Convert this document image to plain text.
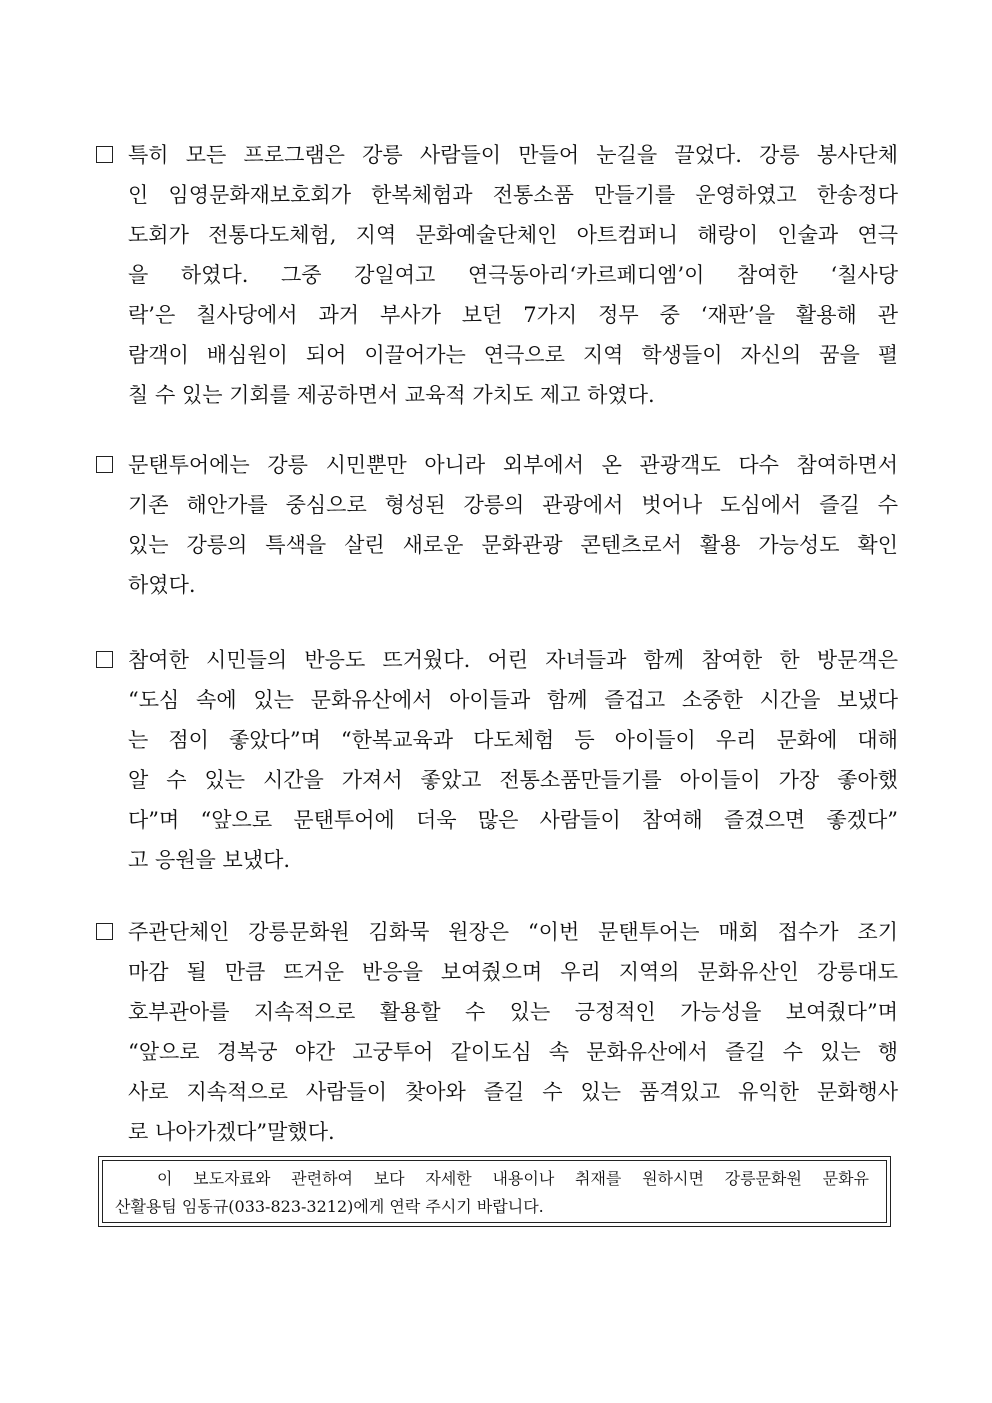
특히 모든 프로그램은 강릉 사람들이 만들어 눈길을 끌었다. 강릉 봉사단체
인 임영문화재보호회가 한복체험과 전통소품 만들기를 운영하였고 한송정다
도회가 전통다도체험, 지역 문화예술단체인 아트컴퍼니 해랑이 인술과 연극
을 하였다. 그중 강일여고 연극동아리‘카르페디엠’이 참여한 ‘칠사당
락’은 칠사당에서 과거 부사가 보던 7가지 정무 중 ‘재판’을 활용해 관
람객이 배심원이 되어 이끌어가는 연극으로 지역 학생들이 자신의 꿈을 펼
칠 수 있는 기회를 제공하면서 교육적 가치도 제고 하였다.
문탠투어에는 강릉 시민뿐만 아니라 외부에서 온 관광객도 다수 참여하면서
기존 해안가를 중심으로 형성된 강릉의 관광에서 벗어나 도심에서 즐길 수
있는 강릉의 특색을 살린 새로운 문화관광 콘텐츠로서 활용 가능성도 확인
하였다.
참여한 시민들의 반응도 뜨거웠다. 어린 자녀들과 함께 참여한 한 방문객은
“도심 속에 있는 문화유산에서 아이들과 함께 즐겁고 소중한 시간을 보냈다
는 점이 좋았다”며 “한복교육과 다도체험 등 아이들이 우리 문화에 대해
알 수 있는 시간을 가져서 좋았고 전통소품만들기를 아이들이 가장 좋아했
다”며 “앞으로 문탠투어에 더욱 많은 사람들이 참여해 즐겼으면 좋겠다”
고 응원을 보냈다.
주관단체인 강릉문화원 김화묵 원장은 “이번 문탠투어는 매회 접수가 조기
마감 될 만큼 뜨거운 반응을 보여줬으며 우리 지역의 문화유산인 강릉대도
호부관아를 지속적으로 활용할 수 있는 긍정적인 가능성을 보여줬다”며
“앞으로 경복궁 야간 고궁투어 같이도심 속 문화유산에서 즐길 수 있는 행
사로 지속적으로 사람들이 찾아와 즐길 수 있는 품격있고 유익한 문화행사
로 나아가겠다”말했다.
이 보도자료와 관련하여 보다 자세한 내용이나 취재를 원하시면 강릉문화원 문화유
산활용팀 임동규(033-823-3212)에게 연락 주시기 바랍니다.
